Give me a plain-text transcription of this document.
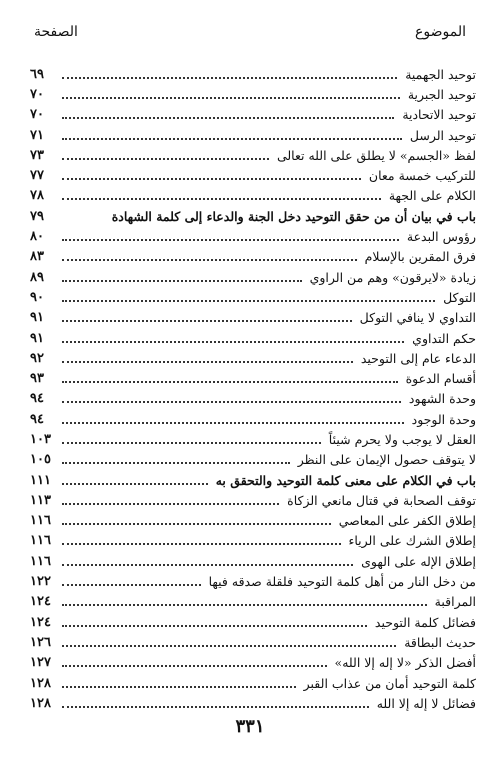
الموضوع
الصفحة
توحيد الجهمية
٦٩
توحيد الجبرية
٧٠
توحيد الاتحادية
٧٠
توحيد الرسل
٧١
لفظ «الجسم» لا يطلق على الله تعالى
٧٣
للتركيب خمسة معان
٧٧
الكلام على الجهة
٧٨
باب في بيان أن من حقق التوحيد دخل الجنة والدعاء إلى كلمة الشهادة
٧٩
رؤوس البدعة
٨٠
فرق المقرين بالإسلام
٨٣
زيادة «لايرقون» وهم من الراوي
٨٩
التوكل
٩٠
التداوي لا ينافي التوكل
٩١
حكم التداوي
٩١
الدعاء عام إلى التوحيد
٩٢
أقسام الدعوة
٩٣
وحدة الشهود
٩٤
وحدة الوجود
٩٤
العقل لا يوجب ولا يحرم شيئاً
١٠٣
لا يتوقف حصول الإيمان على النظر
١٠٥
باب في الكلام على معنى كلمة التوحيد والتحقق به
١١١
توقف الصحابة في قتال مانعي الزكاة
١١٣
إطلاق الكفر على المعاصي
١١٦
إطلاق الشرك على الرياء
١١٦
إطلاق الإله على الهوى
١١٦
من دخل النار من أهل كلمة التوحيد فلقلة صدقه فيها
١٢٢
المراقبة
١٢٤
فضائل كلمة التوحيد
١٢٤
حديث البطاقة
١٢٦
أفضل الذكر «لا إله إلا الله»
١٢٧
كلمة التوحيد أمان من عذاب القبر
١٢٨
فضائل لا إله إلا الله
١٢٨
٣٣١
